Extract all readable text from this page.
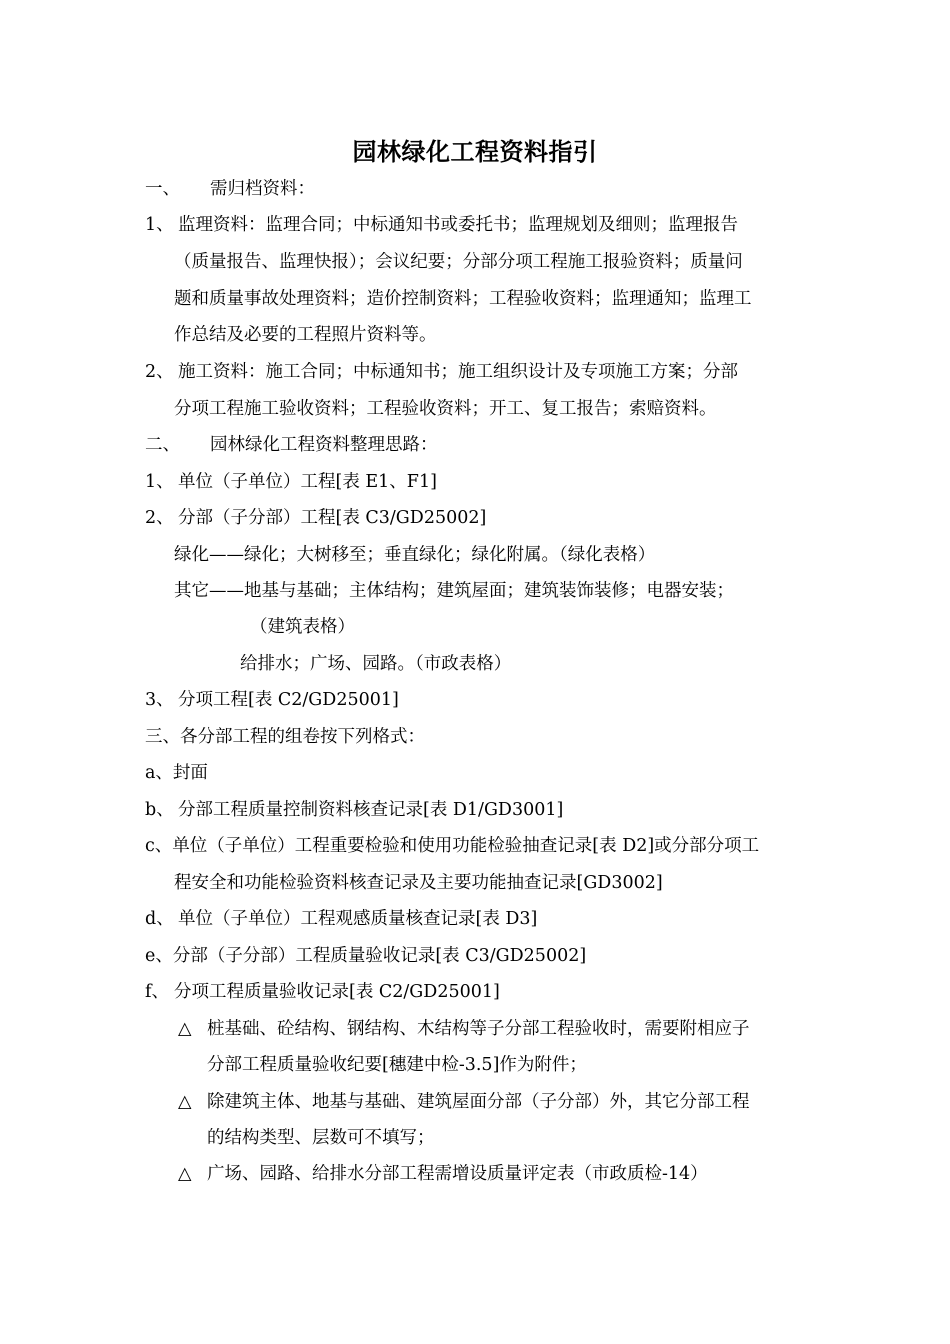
园林绿化工程资料指引
一、 需归档资料：
1、 监理资料：监理合同；中标通知书或委托书；监理规划及细则；监理报告
（质量报告、监理快报）；会议纪要；分部分项工程施工报验资料；质量问
题和质量事故处理资料；造价控制资料；工程验收资料；监理通知；监理工
作总结及必要的工程照片资料等。
2、 施工资料：施工合同；中标通知书；施工组织设计及专项施工方案；分部
分项工程施工验收资料；工程验收资料；开工、复工报告；索赔资料。
二、 园林绿化工程资料整理思路：
1、 单位（子单位）工程[表 E1、F1]
2、 分部（子分部）工程[表 C3/GD25002]
绿化——绿化；大树移至；垂直绿化；绿化附属。（绿化表格）
其它——地基与基础；主体结构；建筑屋面；建筑装饰装修；电器安装；
（建筑表格）
给排水；广场、园路。（市政表格）
3、 分项工程[表 C2/GD25001]
三、各分部工程的组卷按下列格式：
a、封面
b、 分部工程质量控制资料核查记录[表 D1/GD3001]
c、单位（子单位）工程重要检验和使用功能检验抽查记录[表 D2]或分部分项工
程安全和功能检验资料核查记录及主要功能抽查记录[GD3002]
d、 单位（子单位）工程观感质量核查记录[表 D3]
e、分部（子分部）工程质量验收记录[表 C3/GD25002]
f、 分项工程质量验收记录[表 C2/GD25001]
△ 桩基础、砼结构、钢结构、木结构等子分部工程验收时，需要附相应子
分部工程质量验收纪要[穗建中检-3.5]作为附件；
△ 除建筑主体、地基与基础、建筑屋面分部（子分部）外，其它分部工程
的结构类型、层数可不填写；
△ 广场、园路、给排水分部工程需增设质量评定表（市政质检-14）
